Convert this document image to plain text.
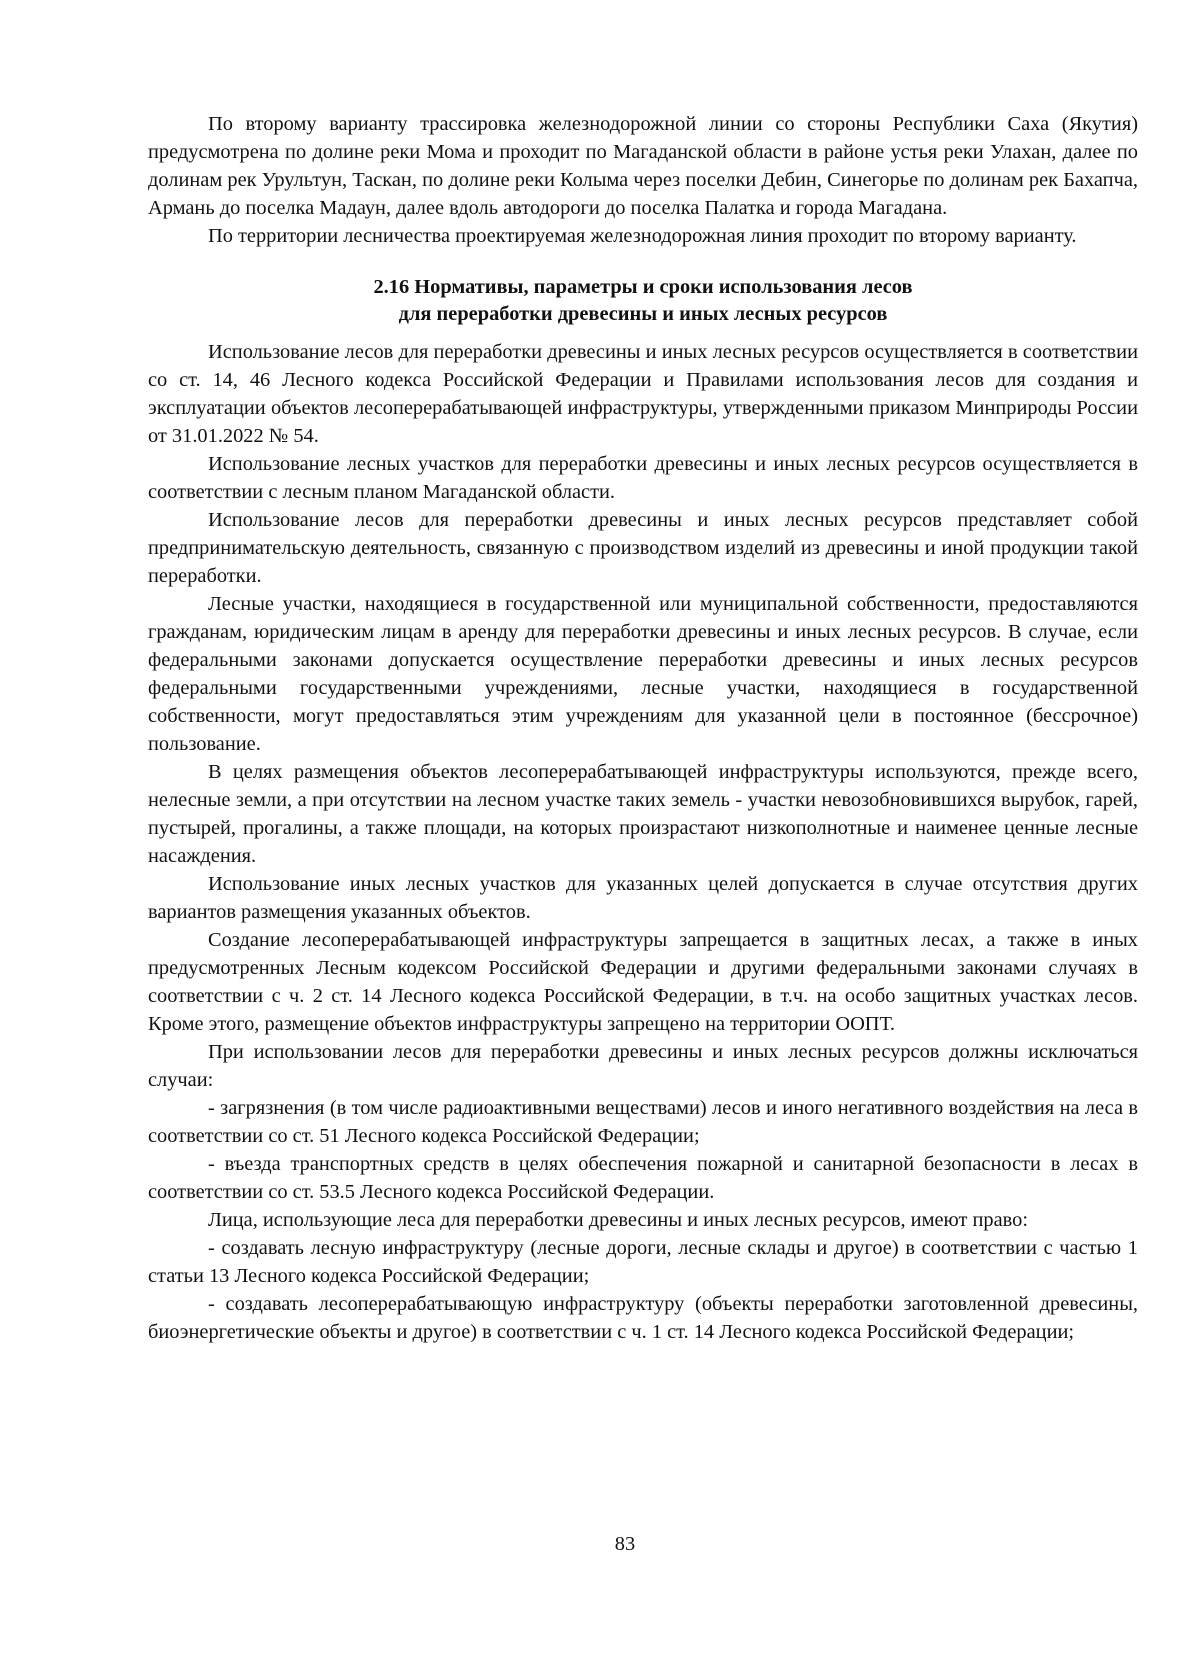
По второму варианту трассировка железнодорожной линии со стороны Республики Саха (Якутия) предусмотрена по долине реки Мома и проходит по Магаданской области в районе устья реки Улахан, далее по долинам рек Урультун, Таскан, по долине реки Колыма через поселки Дебин, Синегорье по долинам рек Бахапча, Армань до поселка Мадаун, далее вдоль автодороги до поселка Палатка и города Магадана.

По территории лесничества проектируемая железнодорожная линия проходит по второму варианту.

2.16 Нормативы, параметры и сроки использования лесов
для переработки древесины и иных лесных ресурсов

Использование лесов для переработки древесины и иных лесных ресурсов осуществляется в соответствии со ст. 14, 46 Лесного кодекса Российской Федерации и Правилами использования лесов для создания и эксплуатации объектов лесоперерабатывающей инфраструктуры, утвержденными приказом Минприроды России от 31.01.2022 № 54.

Использование лесных участков для переработки древесины и иных лесных ресурсов осуществляется в соответствии с лесным планом Магаданской области.

Использование лесов для переработки древесины и иных лесных ресурсов представляет собой предпринимательскую деятельность, связанную с производством изделий из древесины и иной продукции такой переработки.

Лесные участки, находящиеся в государственной или муниципальной собственности, предоставляются гражданам, юридическим лицам в аренду для переработки древесины и иных лесных ресурсов. В случае, если федеральными законами допускается осуществление переработки древесины и иных лесных ресурсов федеральными государственными учреждениями, лесные участки, находящиеся в государственной собственности, могут предоставляться этим учреждениям для указанной цели в постоянное (бессрочное) пользование.

В целях размещения объектов лесоперерабатывающей инфраструктуры используются, прежде всего, нелесные земли, а при отсутствии на лесном участке таких земель - участки невозобновившихся вырубок, гарей, пустырей, прогалины, а также площади, на которых произрастают низкополнотные и наименее ценные лесные насаждения.

Использование иных лесных участков для указанных целей допускается в случае отсутствия других вариантов размещения указанных объектов.

Создание лесоперерабатывающей инфраструктуры запрещается в защитных лесах, а также в иных предусмотренных Лесным кодексом Российской Федерации и другими федеральными законами случаях в соответствии с ч. 2 ст. 14 Лесного кодекса Российской Федерации, в т.ч. на особо защитных участках лесов. Кроме этого, размещение объектов инфраструктуры запрещено на территории ООПТ.

При использовании лесов для переработки древесины и иных лесных ресурсов должны исключаться случаи:

- загрязнения (в том числе радиоактивными веществами) лесов и иного негативного воздействия на леса в соответствии со ст. 51 Лесного кодекса Российской Федерации;

- въезда транспортных средств в целях обеспечения пожарной и санитарной безопасности в лесах в соответствии со ст. 53.5 Лесного кодекса Российской Федерации.

Лица, использующие леса для переработки древесины и иных лесных ресурсов, имеют право:

- создавать лесную инфраструктуру (лесные дороги, лесные склады и другое) в соответствии с частью 1 статьи 13 Лесного кодекса Российской Федерации;

- создавать лесоперерабатывающую инфраструктуру (объекты переработки заготовленной древесины, биоэнергетические объекты и другое) в соответствии с ч. 1 ст. 14 Лесного кодекса Российской Федерации;

83
